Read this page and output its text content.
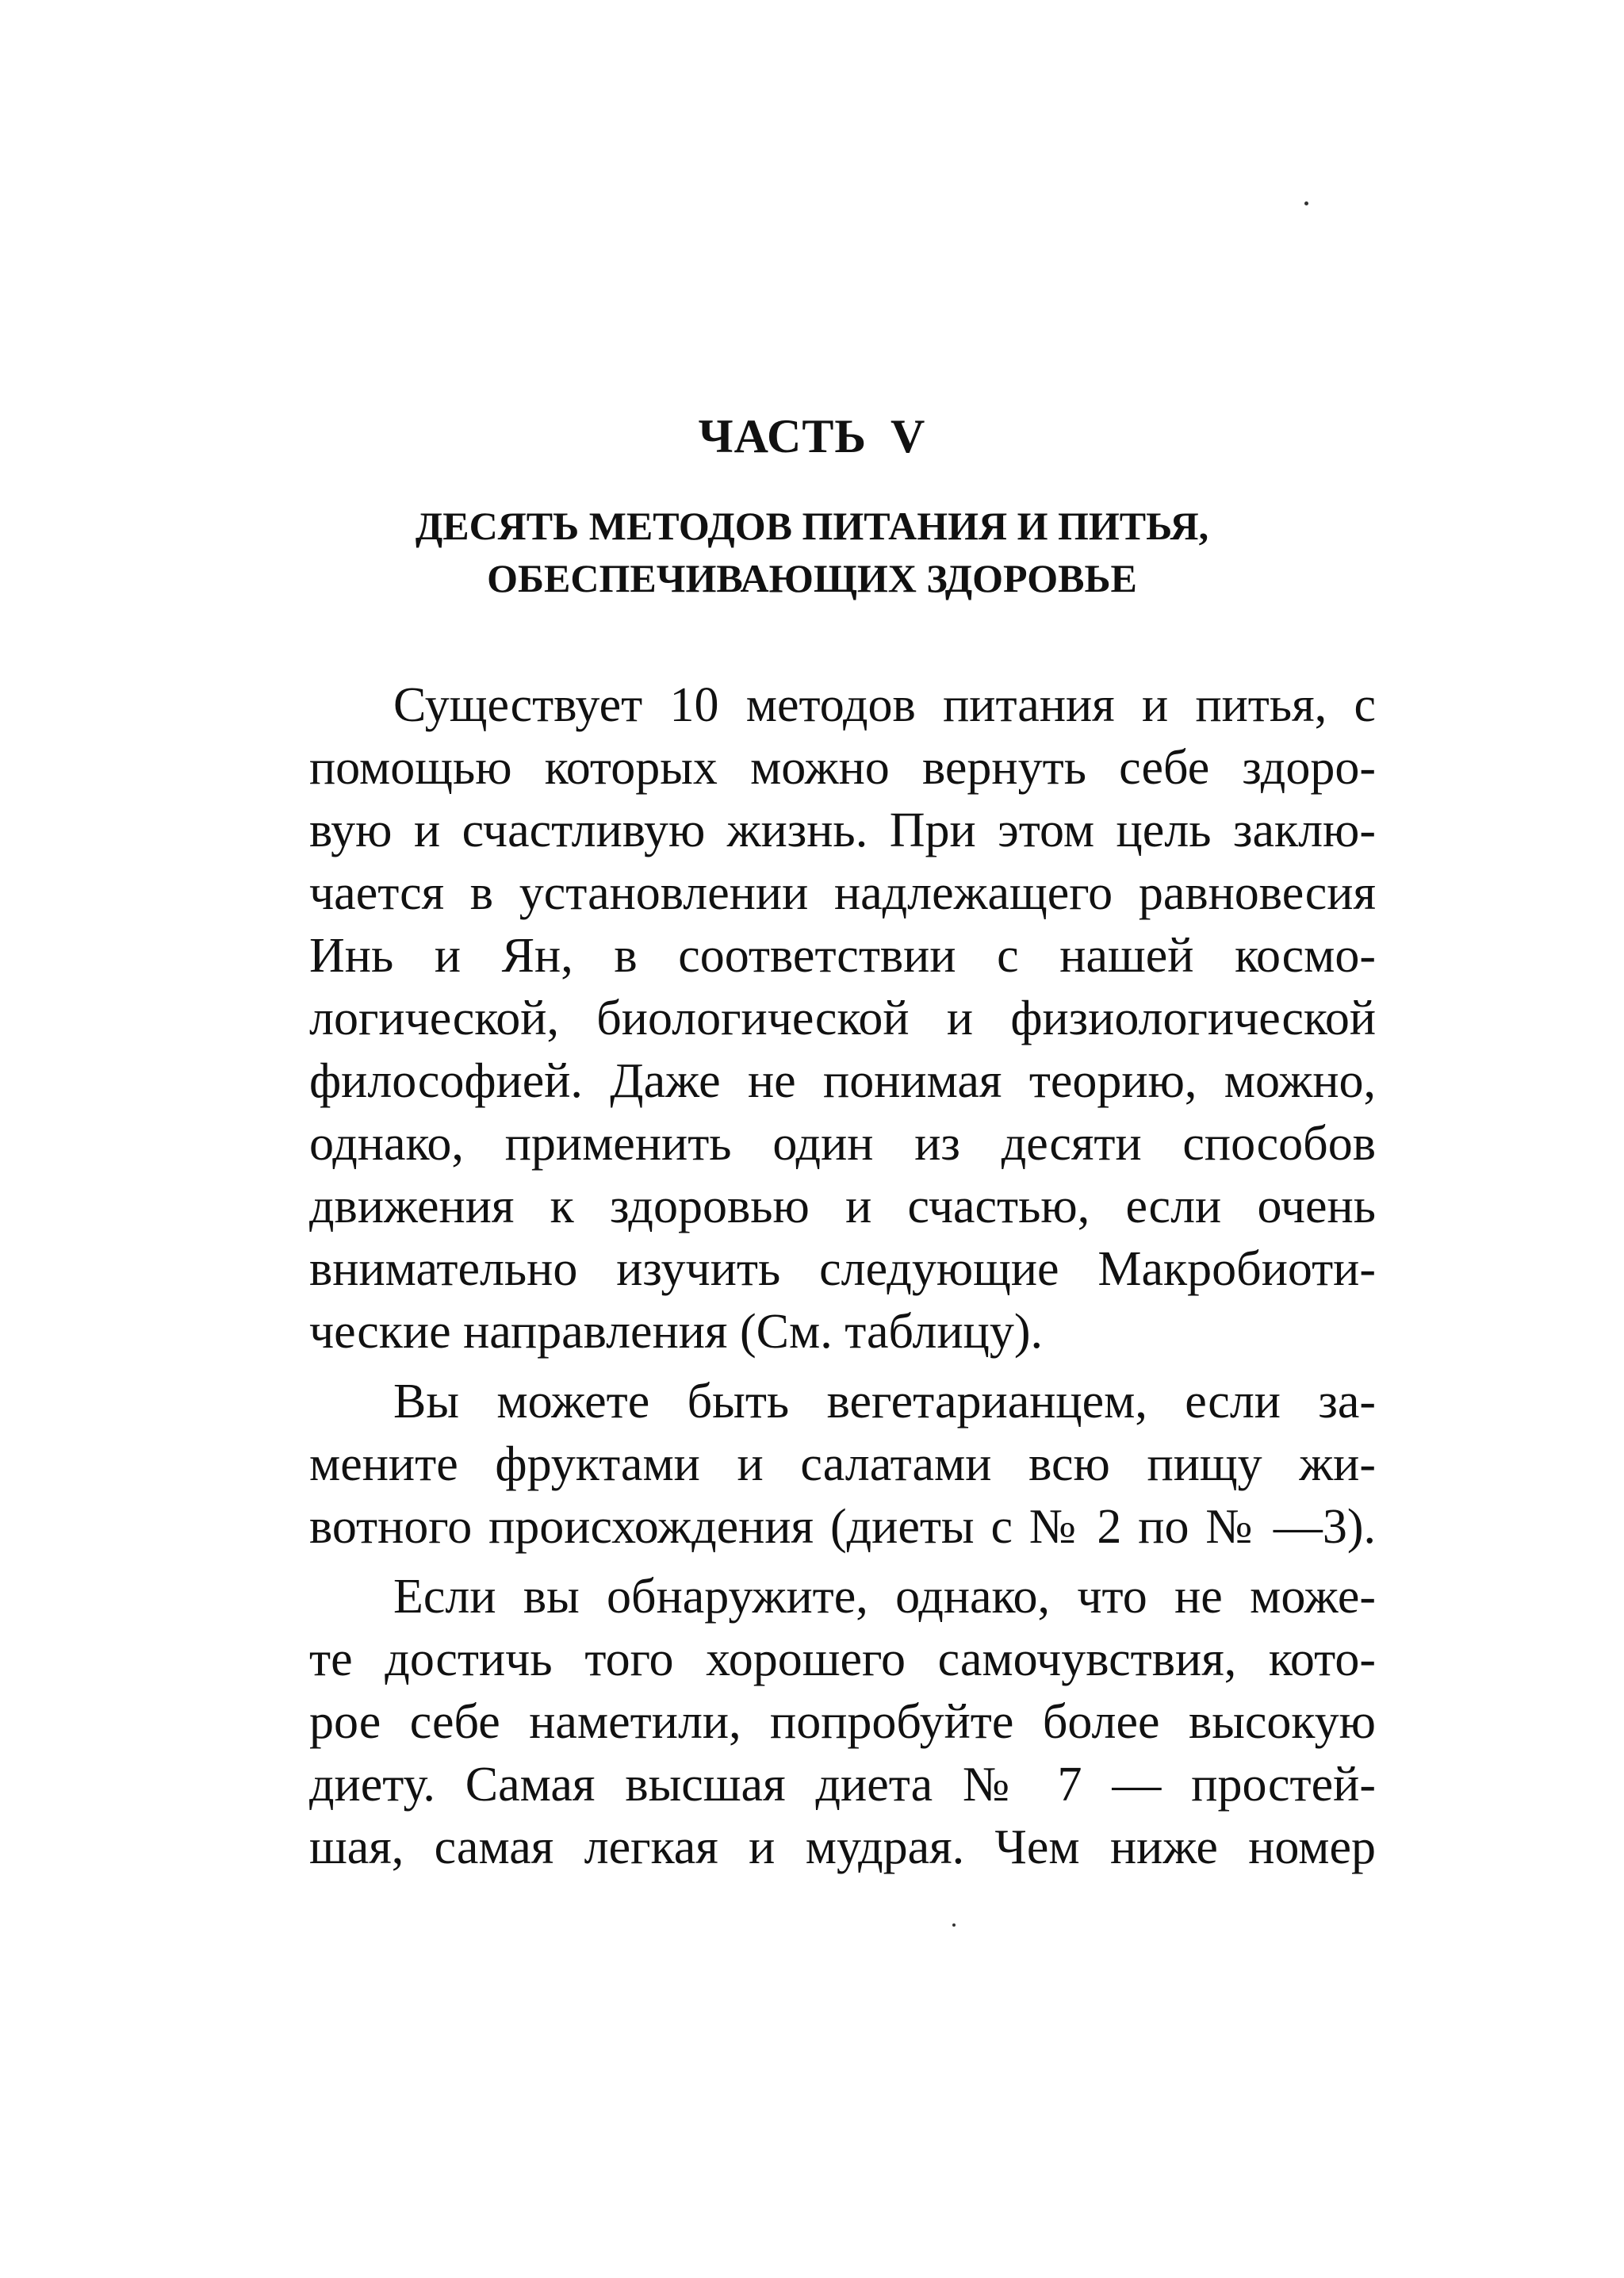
ЧАСТЬ V
ДЕСЯТЬ МЕТОДОВ ПИТАНИЯ И ПИТЬЯ,
ОБЕСПЕЧИВАЮЩИХ ЗДОРОВЬЕ
Существует 10 методов питания и питья, с
помощью которых можно вернуть себе здоро-
вую и счастливую жизнь. При этом цель заклю-
чается в установлении надлежащего равновесия
Инь и Ян, в соответствии с нашей космо-
логической, биологической и физиологической
философией. Даже не понимая теорию, можно,
однако, применить один из десяти способов
движения к здоровью и счастью, если очень
внимательно изучить следующие Макробиоти-
ческие направления (См. таблицу).
Вы можете быть вегетарианцем, если за-
мените фруктами и салатами всю пищу жи-
вотного происхождения (диеты с № 2 по № —3).
Если вы обнаружите, однако, что не може-
те достичь того хорошего самочувствия, кото-
рое себе наметили, попробуйте более высокую
диету. Самая высшая диета № 7 — простей-
шая, самая легкая и мудрая. Чем ниже номер
